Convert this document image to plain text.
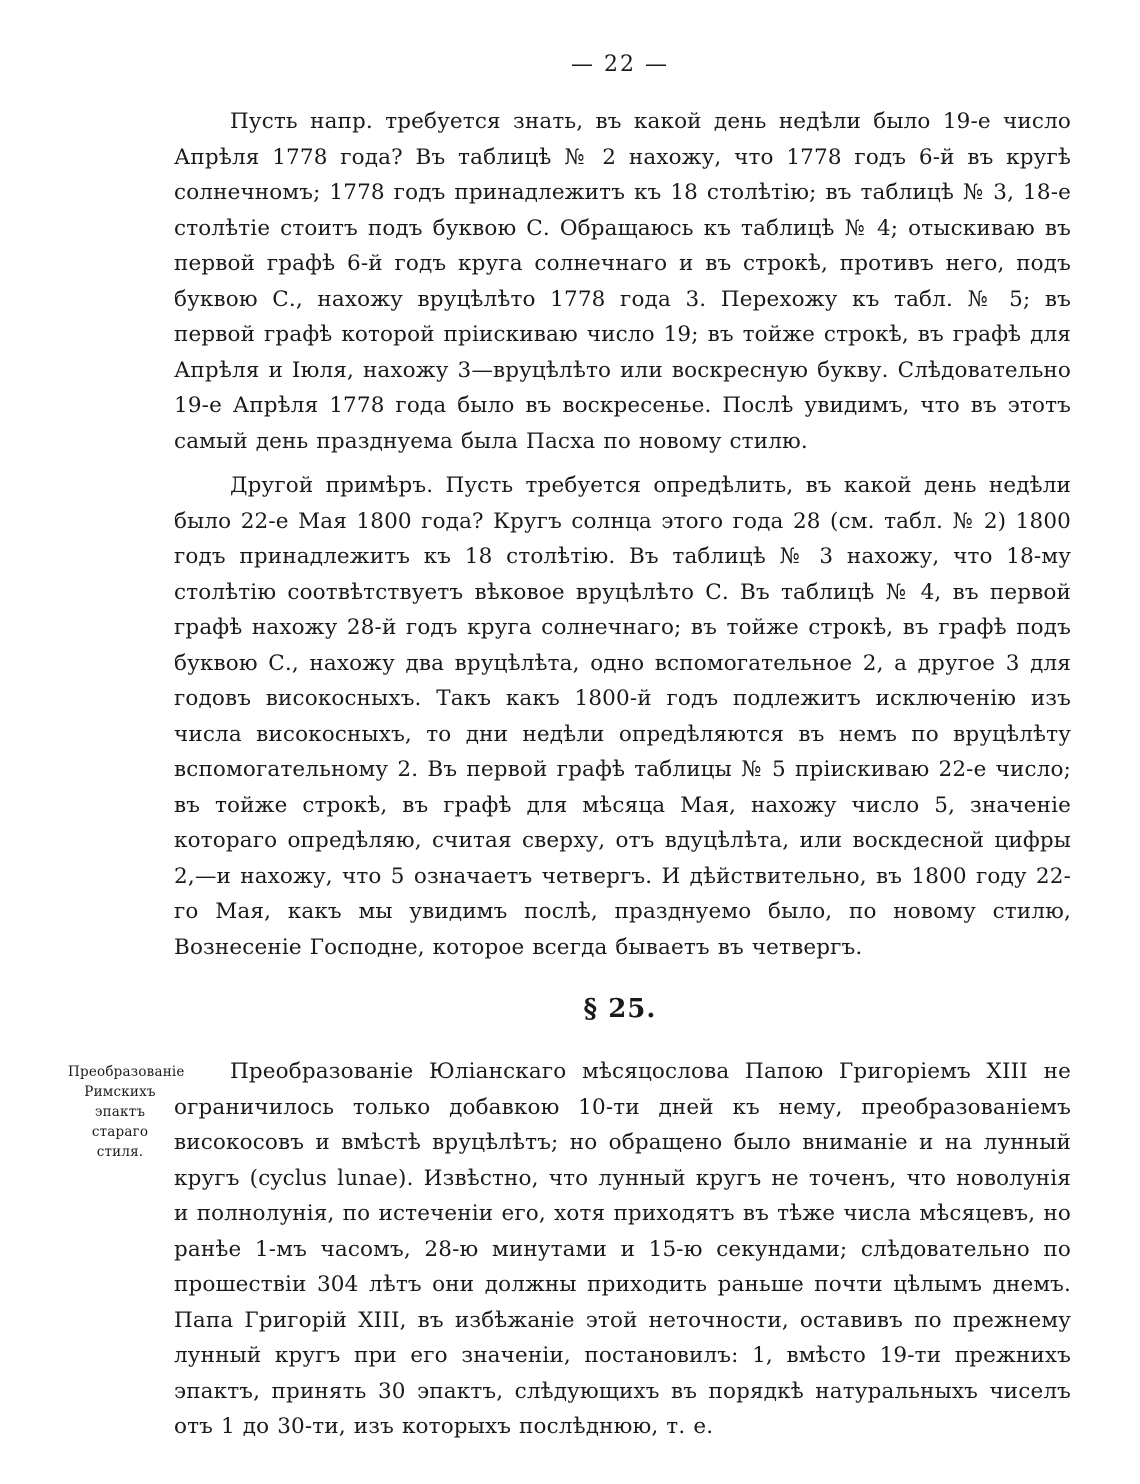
— 22 —

Пусть напр. требуется знать, въ какой день недѣли было 19-е число Апрѣля 1778 года? Въ таблицѣ № 2 нахожу, что 1778 годъ 6-й въ кругѣ солнечномъ; 1778 годъ принадлежитъ къ 18 столѣтію; въ таблицѣ № 3, 18-е столѣтіе стоитъ подъ буквою С. Обращаюсь къ таблицѣ № 4; отыскиваю въ первой графѣ 6-й годъ круга солнечнаго и въ строкѣ, противъ него, подъ буквою С., нахожу вруцѣлѣто 1778 года 3. Перехожу къ табл. № 5; въ первой графѣ которой пріискиваю число 19; въ тойже строкѣ, въ графѣ для Апрѣля и Іюля, нахожу 3—вруцѣлѣто или воскресную букву. Слѣдовательно 19-е Апрѣля 1778 года было въ воскресенье. Послѣ увидимъ, что въ этотъ самый день празднуема была Пасха по новому стилю.

Другой примѣръ. Пусть требуется опредѣлить, въ какой день недѣли было 22-е Мая 1800 года? Кругъ солнца этого года 28 (см. табл. № 2) 1800 годъ принадлежитъ къ 18 столѣтію. Въ таблицѣ № 3 нахожу, что 18-му столѣтію соотвѣтствуетъ вѣковое вруцѣлѣто С. Въ таблицѣ № 4, въ первой графѣ нахожу 28-й годъ круга солнечнаго; въ тойже строкѣ, въ графѣ подъ буквою С., нахожу два вруцѣлѣта, одно вспомогательное 2, а другое 3 для годовъ високосныхъ. Такъ какъ 1800-й годъ подлежитъ исключенію изъ числа високосныхъ, то дни недѣли опредѣляются въ немъ по вруцѣлѣту вспомогательному 2. Въ первой графѣ таблицы № 5 пріискиваю 22-е число; въ тойже строкѣ, въ графѣ для мѣсяца Мая, нахожу число 5, значеніе котораго опредѣляю, считая сверху, отъ вдуцѣлѣта, или воскдесной цифры 2,—и нахожу, что 5 означаетъ четвергъ. И дѣйствительно, въ 1800 году 22-го Мая, какъ мы увидимъ послѣ, празднуемо было, по новому стилю, Вознесеніе Господне, которое всегда бываетъ въ четвергъ.

§ 25.
Преобразованіе Римскихъ эпактъ стараго стиля.

Преобразованіе Юліанскаго мѣсяцослова Папою Григоріемъ XIII не ограничилось только добавкою 10-ти дней къ нему, преобразованіемъ високосовъ и вмѣстѣ вруцѣлѣтъ; но обращено было вниманіе и на лунный кругъ (cyclus lunae). Извѣстно, что лунный кругъ не точенъ, что новолунія и полнолунія, по истеченіи его, хотя приходятъ въ тѣже числа мѣсяцевъ, но ранѣе 1-мъ часомъ, 28-ю минутами и 15-ю секундами; слѣдовательно по прошествіи 304 лѣтъ они должны приходить раньше почти цѣлымъ днемъ. Папа Григорій XIII, въ избѣжаніе этой неточности, оставивъ по прежнему лунный кругъ при его значеніи, постановилъ: 1, вмѣсто 19-ти прежнихъ эпактъ, принять 30 эпактъ, слѣдующихъ въ порядкѣ натуральныхъ чиселъ отъ 1 до 30-ти, изъ которыхъ послѣднюю, т. е.
